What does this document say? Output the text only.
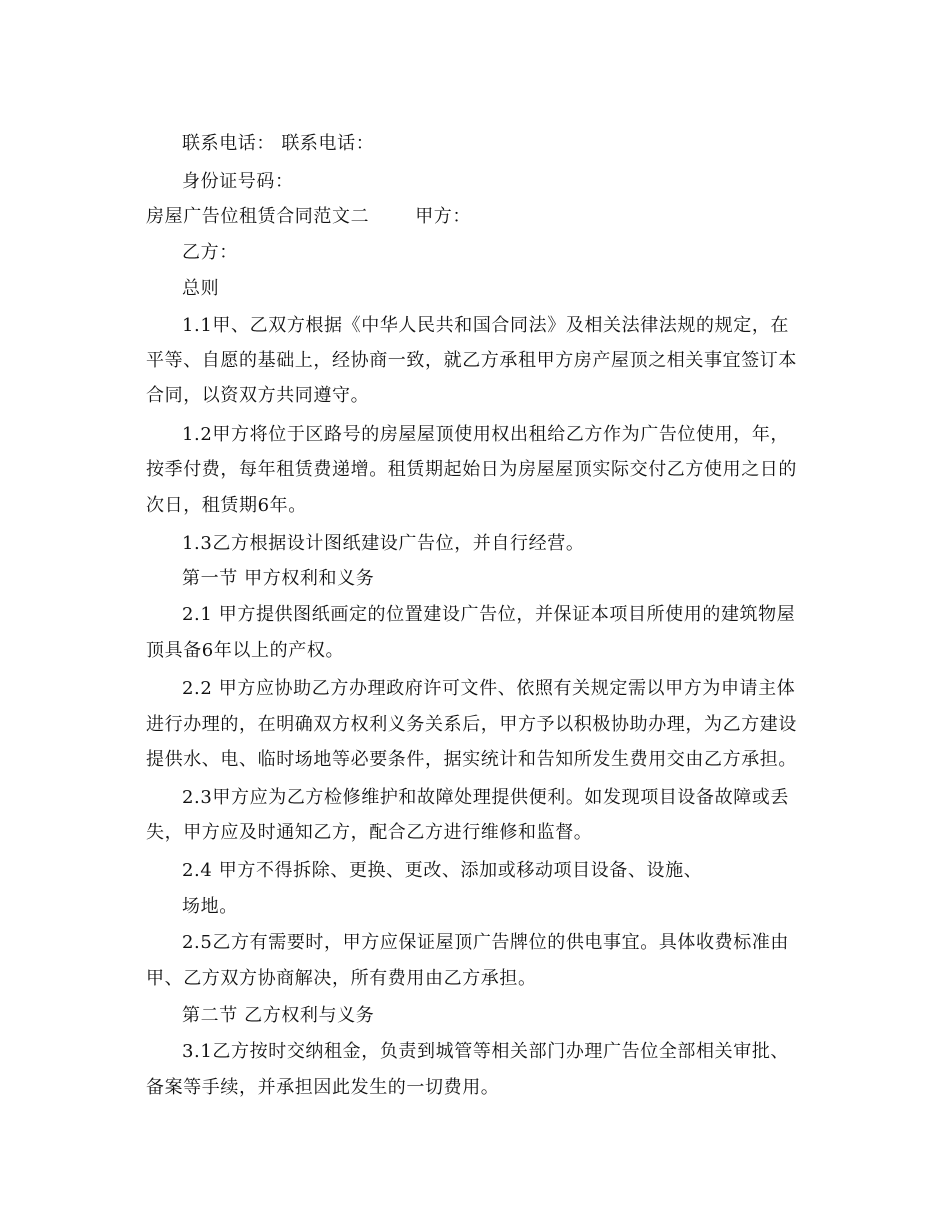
联系电话： 联系电话：
身份证号码：
房屋广告位租赁合同范文二	甲方：
乙方：
总则
1.1甲、乙双方根据《中华人民共和国合同法》及相关法律法规的规定，在
平等、自愿的基础上，经协商一致，就乙方承租甲方房产屋顶之相关事宜签订本
合同，以资双方共同遵守。
1.2甲方将位于区路号的房屋屋顶使用权出租给乙方作为广告位使用，年，
按季付费，每年租赁费递增。租赁期起始日为房屋屋顶实际交付乙方使用之日的
次日，租赁期6年。
1.3乙方根据设计图纸建设广告位，并自行经营。
第一节 甲方权利和义务
2.1 甲方提供图纸画定的位置建设广告位，并保证本项目所使用的建筑物屋
顶具备6年以上的产权。
2.2 甲方应协助乙方办理政府许可文件、依照有关规定需以甲方为申请主体
进行办理的，在明确双方权利义务关系后，甲方予以积极协助办理，为乙方建设
提供水、电、临时场地等必要条件，据实统计和告知所发生费用交由乙方承担。
2.3甲方应为乙方检修维护和故障处理提供便利。如发现项目设备故障或丢
失，甲方应及时通知乙方，配合乙方进行维修和监督。
2.4 甲方不得拆除、更换、更改、添加或移动项目设备、设施、
场地。
2.5乙方有需要时，甲方应保证屋顶广告牌位的供电事宜。具体收费标准由
甲、乙方双方协商解决，所有费用由乙方承担。
第二节 乙方权利与义务
3.1乙方按时交纳租金，负责到城管等相关部门办理广告位全部相关审批、
备案等手续，并承担因此发生的一切费用。
